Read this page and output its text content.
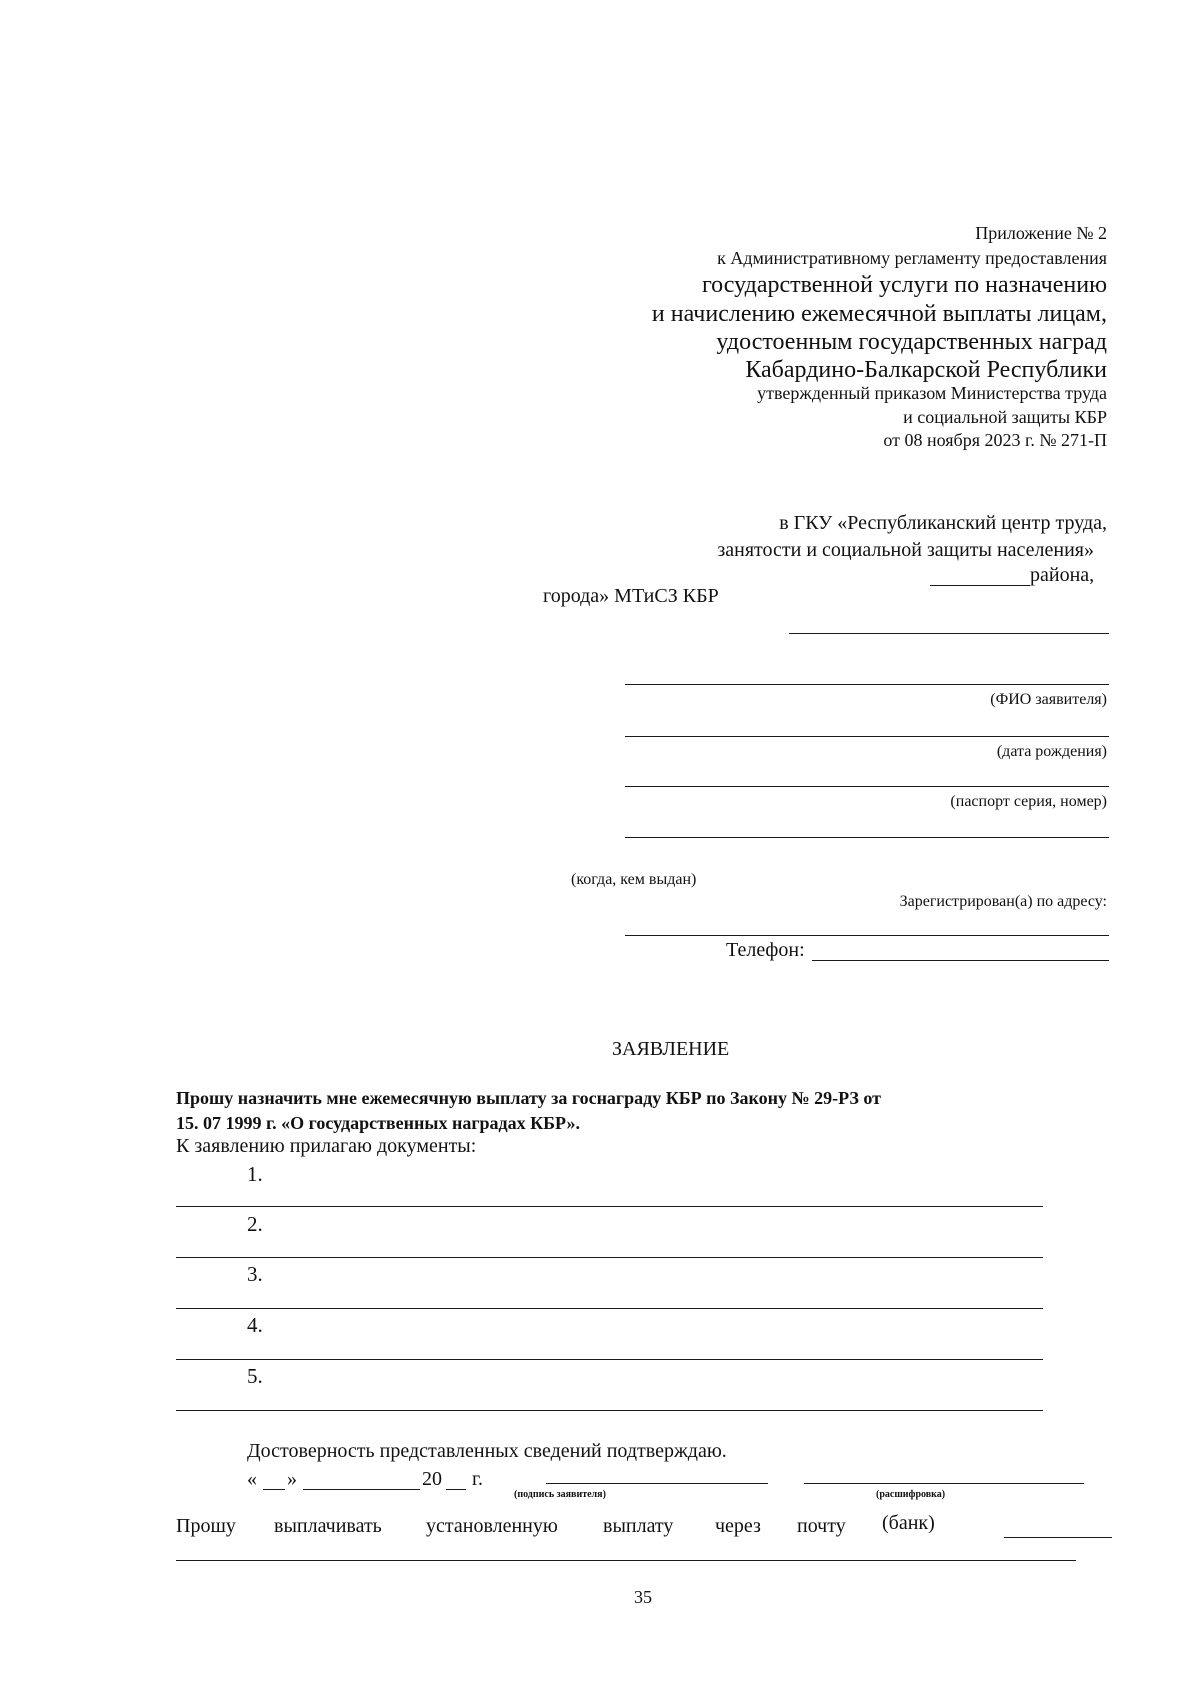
Приложение № 2
к Административному регламенту предоставления
государственной услуги по назначению
и начислению ежемесячной выплаты лицам,
удостоенным государственных наград
Кабардино-Балкарской Республики
утвержденный приказом Министерства труда
и социальной защиты КБР
от 08 ноября 2023 г. № 271-П
в ГКУ «Республиканский центр труда,
занятости и социальной защиты населения»
района,
города» МТиСЗ КБР
(ФИО заявителя)
(дата рождения)
(паспорт серия, номер)
(когда, кем выдан)
Зарегистрирован(а) по адресу:
Телефон:
ЗАЯВЛЕНИЕ
Прошу назначить мне ежемесячную выплату за госнаграду КБР по Закону № 29-РЗ от
15. 07 1999 г. «О государственных наградах КБР».
К заявлению прилагаю документы:
1.
2.
3.
4.
5.
Достоверность представленных сведений подтверждаю.
« »	20 г.
(подпись заявителя)	(расшифровка)
Прошу выплачивать установленную выплату через почту (банк)
35
